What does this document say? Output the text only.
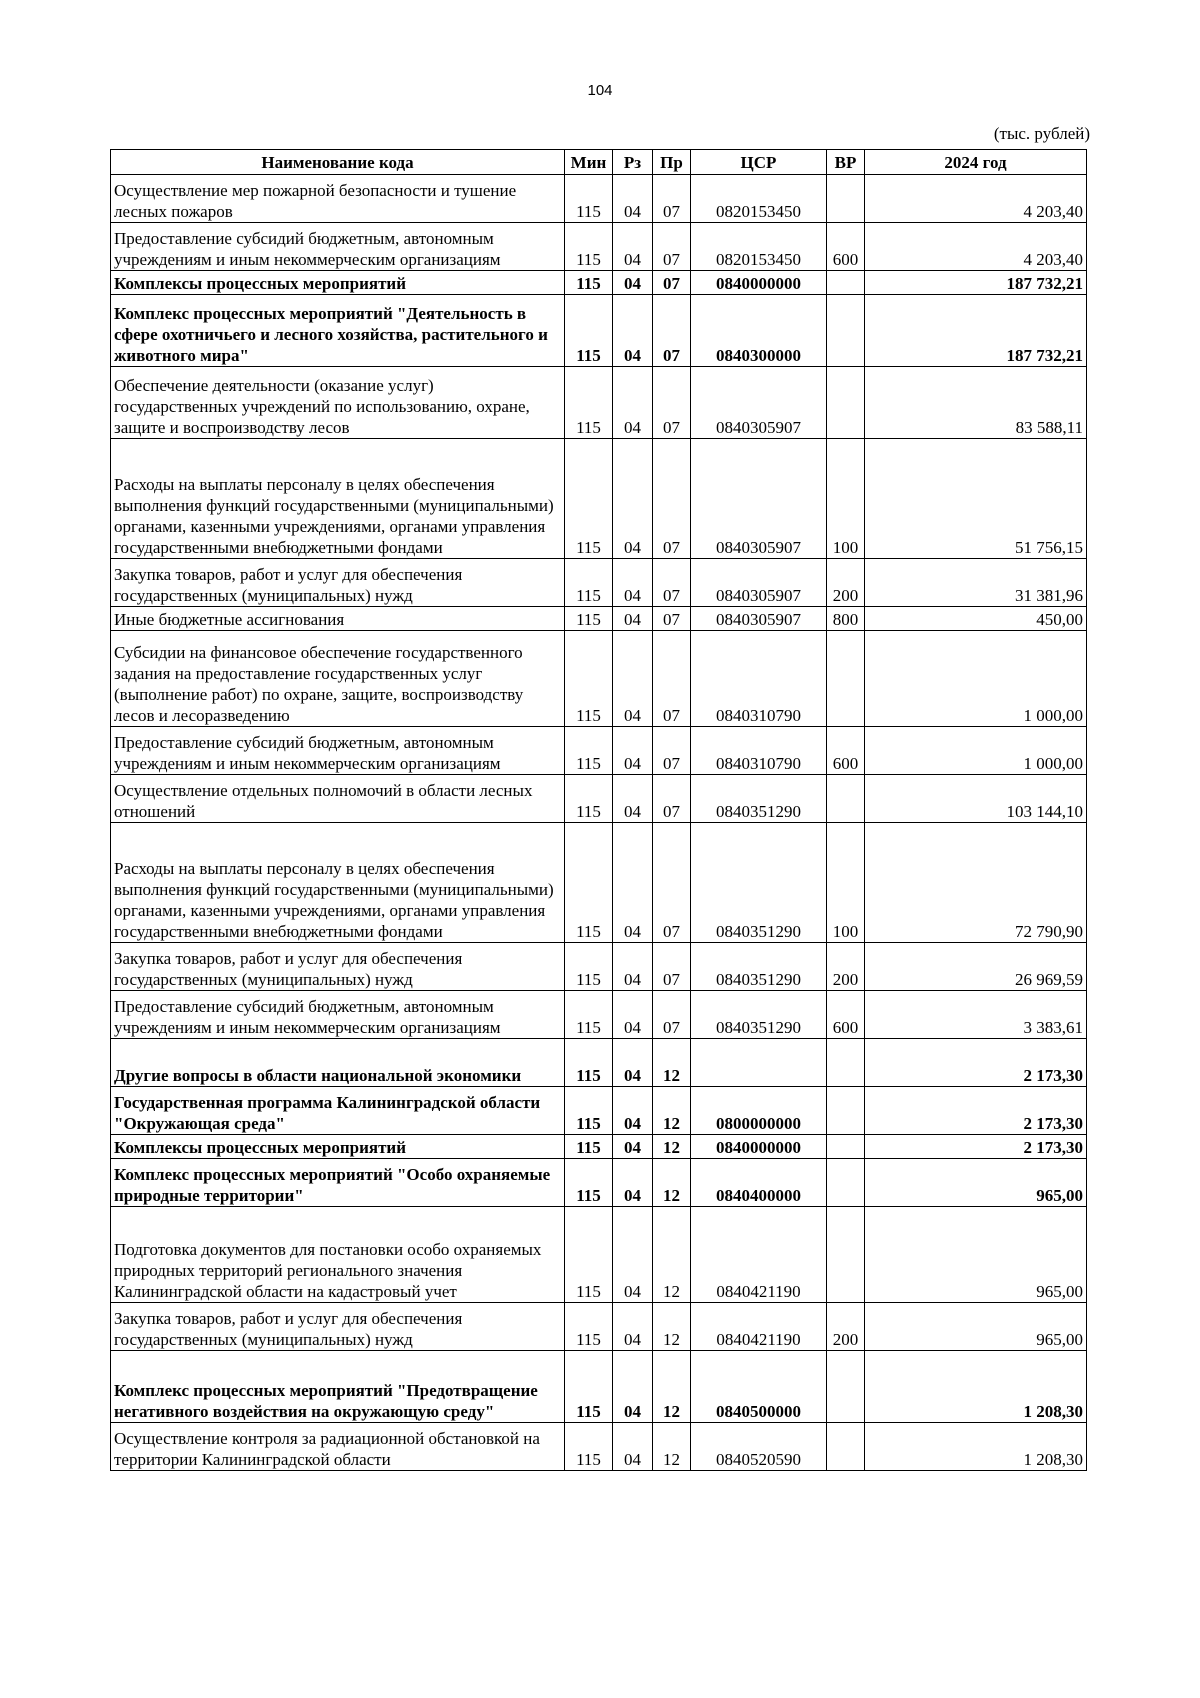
104
(тыс. рублей)
Наименование кода	Мин	Рз	Пр	ЦСР	ВР	2024 год
Осуществление мер пожарной безопасности и тушение лесных пожаров	115	04	07	0820153450		4 203,40
Предоставление субсидий бюджетным, автономным учреждениям и иным некоммерческим организациям	115	04	07	0820153450	600	4 203,40
Комплексы процессных мероприятий	115	04	07	0840000000		187 732,21
Комплекс процессных мероприятий "Деятельность в сфере охотничьего и лесного хозяйства, растительного и животного мира"	115	04	07	0840300000		187 732,21
Обеспечение деятельности (оказание услуг) государственных учреждений по использованию, охране, защите и воспроизводству лесов	115	04	07	0840305907		83 588,11
Расходы на выплаты персоналу в целях обеспечения выполнения функций государственными (муниципальными) органами, казенными учреждениями, органами управления государственными внебюджетными фондами	115	04	07	0840305907	100	51 756,15
Закупка товаров, работ и услуг для обеспечения государственных (муниципальных) нужд	115	04	07	0840305907	200	31 381,96
Иные бюджетные ассигнования	115	04	07	0840305907	800	450,00
Субсидии на финансовое обеспечение государственного задания на предоставление государственных услуг (выполнение работ) по охране, защите, воспроизводству лесов и лесоразведению	115	04	07	0840310790		1 000,00
Предоставление субсидий бюджетным, автономным учреждениям и иным некоммерческим организациям	115	04	07	0840310790	600	1 000,00
Осуществление отдельных полномочий в области лесных отношений	115	04	07	0840351290		103 144,10
Расходы на выплаты персоналу в целях обеспечения выполнения функций государственными (муниципальными) органами, казенными учреждениями, органами управления государственными внебюджетными фондами	115	04	07	0840351290	100	72 790,90
Закупка товаров, работ и услуг для обеспечения государственных (муниципальных) нужд	115	04	07	0840351290	200	26 969,59
Предоставление субсидий бюджетным, автономным учреждениям и иным некоммерческим организациям	115	04	07	0840351290	600	3 383,61
Другие вопросы в области национальной экономики	115	04	12			2 173,30
Государственная программа Калининградской области "Окружающая среда"	115	04	12	0800000000		2 173,30
Комплексы процессных мероприятий	115	04	12	0840000000		2 173,30
Комплекс процессных мероприятий "Особо охраняемые природные территории"	115	04	12	0840400000		965,00
Подготовка документов для постановки особо охраняемых природных территорий регионального значения Калининградской области на кадастровый учет	115	04	12	0840421190		965,00
Закупка товаров, работ и услуг для обеспечения государственных (муниципальных) нужд	115	04	12	0840421190	200	965,00
Комплекс процессных мероприятий "Предотвращение негативного воздействия на окружающую среду"	115	04	12	0840500000		1 208,30
Осуществление контроля за радиационной обстановкой на территории Калининградской области	115	04	12	0840520590		1 208,30
